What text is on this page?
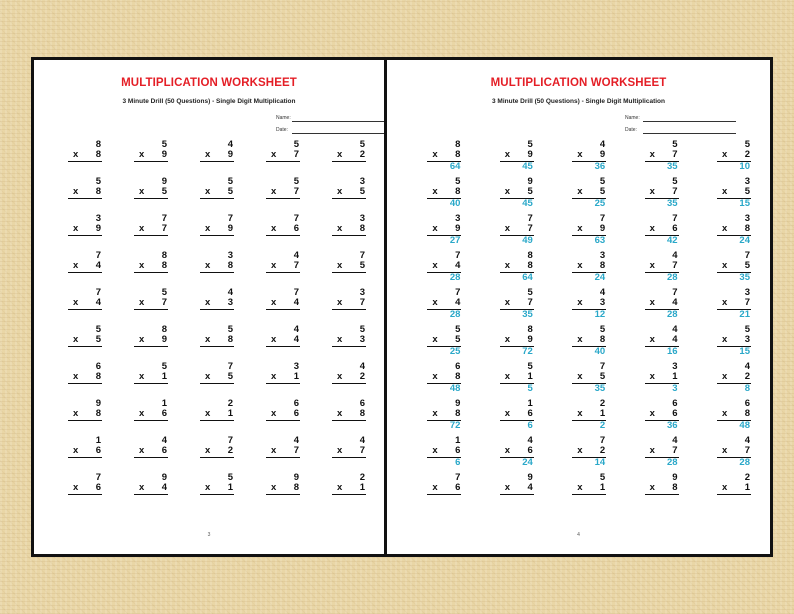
MULTIPLICATION WORKSHEET
3 Minute Drill (50 Questions) - Single Digit Multiplication
Name:
Date:
8
x	8
5
x	9
4
x	9
5
x	7
5
x	2
5
x	8
9
x	5
5
x	5
5
x	7
3
x	5
3
x	9
7
x	7
7
x	9
7
x	6
3
x	8
7
x	4
8
x	8
3
x	8
4
x	7
7
x	5
7
x	4
5
x	7
4
x	3
7
x	4
3
x	7
5
x	5
8
x	9
5
x	8
4
x	4
5
x	3
6
x	8
5
x	1
7
x	5
3
x	1
4
x	2
9
x	8
1
x	6
2
x	1
6
x	6
6
x	8
1
x	6
4
x	6
7
x	2
4
x	7
4
x	7
7
x	6
9
x	4
5
x	1
9
x	8
2
x	1
3
MULTIPLICATION WORKSHEET
3 Minute Drill (50 Questions) - Single Digit Multiplication
Name:
Date:
8
x	8
64
5
x	9
45
4
x	9
36
5
x	7
35
5
x	2
10
5
x	8
40
9
x	5
45
5
x	5
25
5
x	7
35
3
x	5
15
3
x	9
27
7
x	7
49
7
x	9
63
7
x	6
42
3
x	8
24
7
x	4
28
8
x	8
64
3
x	8
24
4
x	7
28
7
x	5
35
7
x	4
28
5
x	7
35
4
x	3
12
7
x	4
28
3
x	7
21
5
x	5
25
8
x	9
72
5
x	8
40
4
x	4
16
5
x	3
15
6
x	8
48
5
x	1
5
7
x	5
35
3
x	1
3
4
x	2
8
9
x	8
72
1
x	6
6
2
x	1
2
6
x	6
36
6
x	8
48
1
x	6
6
4
x	6
24
7
x	2
14
4
x	7
28
4
x	7
28
7
x	6
9
x	4
5
x	1
9
x	8
2
x	1
4
